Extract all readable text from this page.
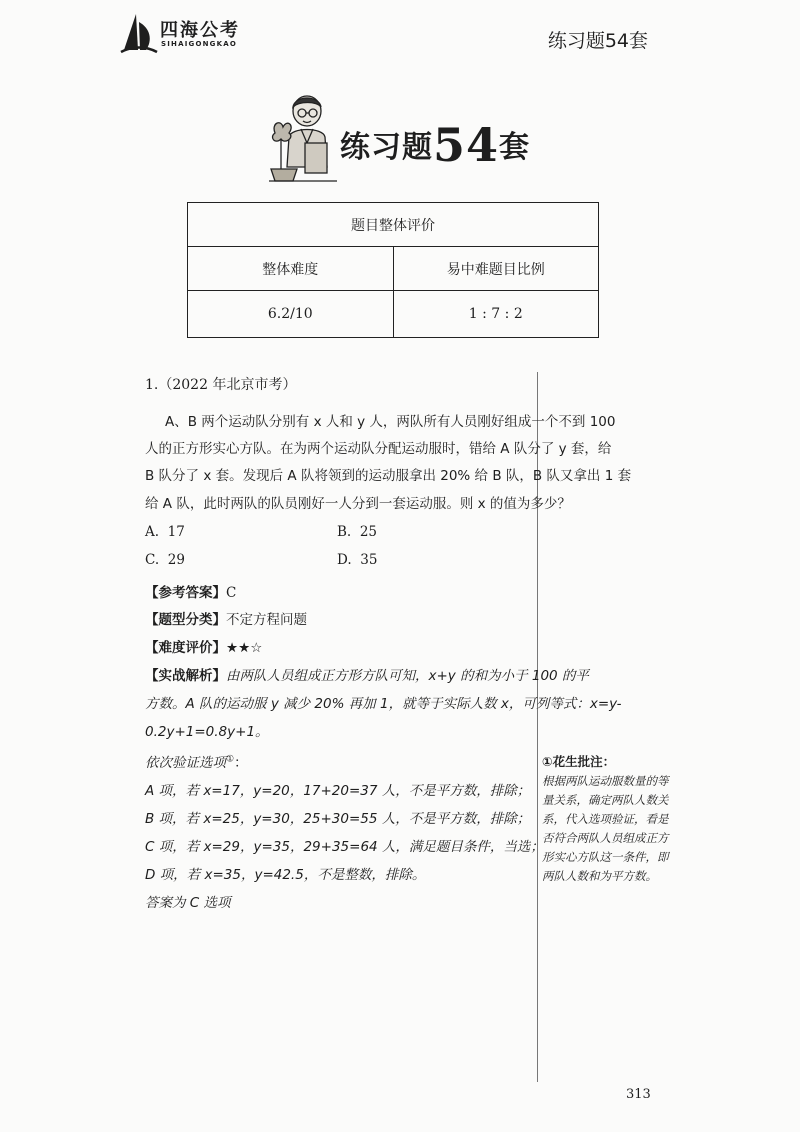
四海公考
SIHAIGONGKAO	练习题54套
练习题54套
题目整体评价	
整体难度	易中难题目比例
6.2/10	1 : 7 : 2
1.（2022 年北京市考）
A、B 两个运动队分别有 x 人和 y 人，两队所有人员刚好组成一个不到 100
人的正方形实心方队。在为两个运动队分配运动服时，错给 A 队分了 y 套，给
B 队分了 x 套。发现后 A 队将领到的运动服拿出 20% 给 B 队，B 队又拿出 1 套
给 A 队，此时两队的队员刚好一人分到一套运动服。则 x 的值为多少？
A. 17	B. 25
C. 29	D. 35
【参考答案】C
【题型分类】不定方程问题
【难度评价】★★☆
【实战解析】由两队人员组成正方形方队可知，x+y 的和为小于 100 的平
方数。A 队的运动服 y 减少 20% 再加 1，就等于实际人数 x，可列等式：x=y-
0.2y+1=0.8y+1。
依次验证选项①：
A 项，若 x=17，y=20，17+20=37 人，不是平方数，排除；
B 项，若 x=25，y=30，25+30=55 人，不是平方数，排除；
C 项，若 x=29，y=35，29+35=64 人，满足题目条件，当选；
D 项，若 x=35，y=42.5，不是整数，排除。
答案为 C 选项
①花生批注：
根据两队运动服数量的等
量关系，确定两队人数关
系，代入选项验证，看是
否符合两队人员组成正方
形实心方队这一条件，即
两队人数和为平方数。
313
